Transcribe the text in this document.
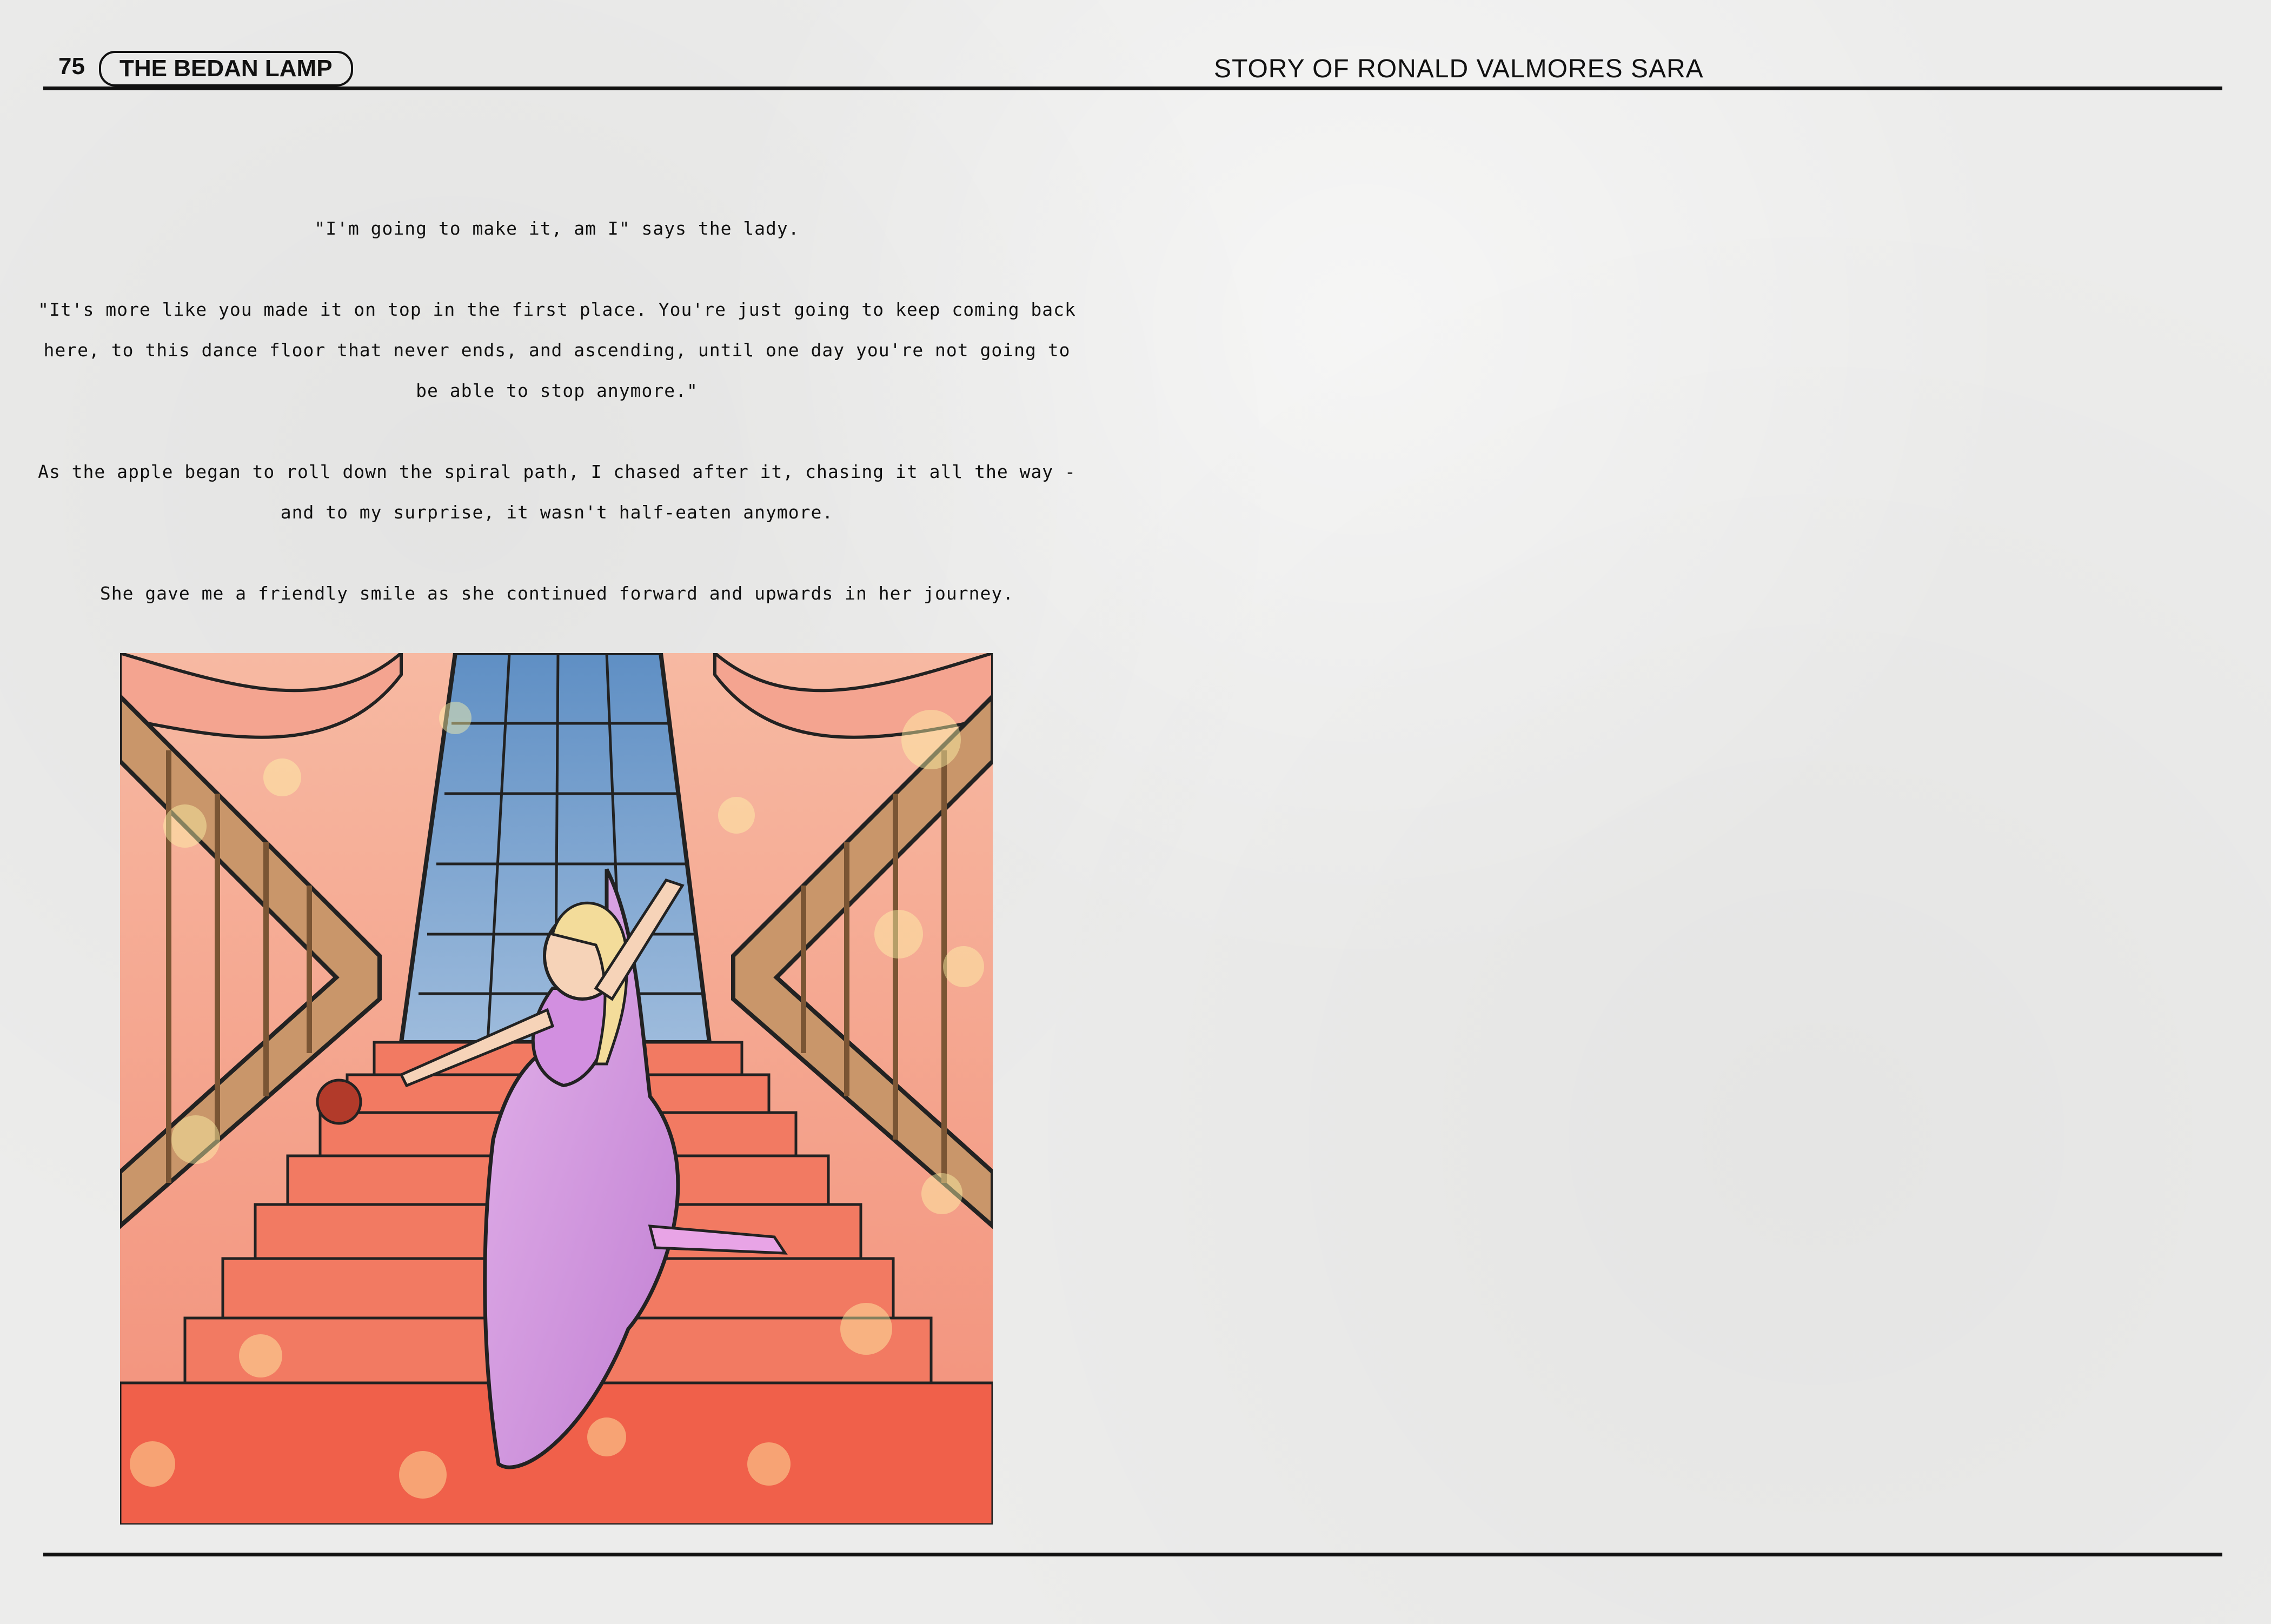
75	THE BEDAN LAMP	STORY OF RONALD VALMORES SARA

"I'm going to make it, am I" says the lady.

"It's more like you made it on top in the first place. You're just going to keep coming back here, to this dance floor that never ends, and ascending, until one day you're not going to be able to stop anymore."

As the apple began to roll down the spiral path, I chased after it, chasing it all the way - and to my surprise, it wasn't half-eaten anymore.

She gave me a friendly smile as she continued forward and upwards in her journey.
